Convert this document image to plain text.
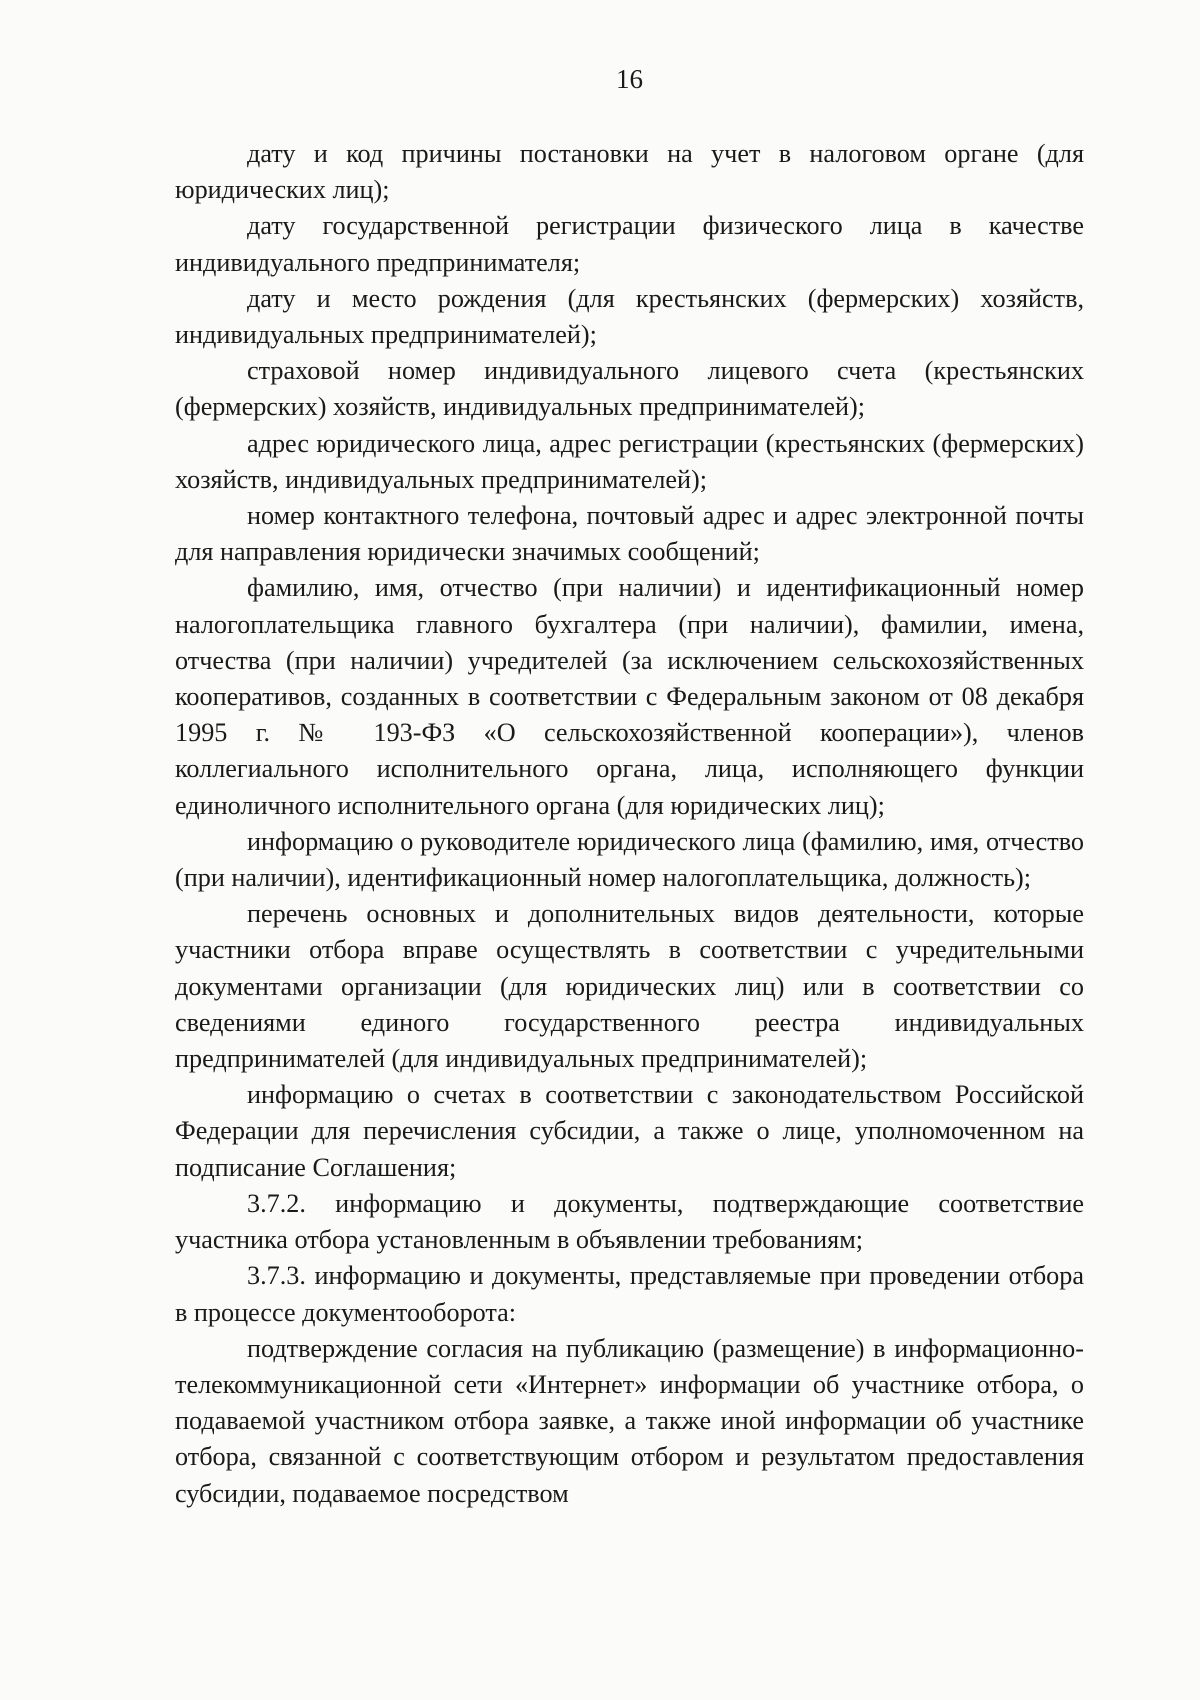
16

дату и код причины постановки на учет в налоговом органе (для юридических лиц);

дату государственной регистрации физического лица в качестве индивидуального предпринимателя;

дату и место рождения (для крестьянских (фермерских) хозяйств, индивидуальных предпринимателей);

страховой номер индивидуального лицевого счета (крестьянских (фермерских) хозяйств, индивидуальных предпринимателей);

адрес юридического лица, адрес регистрации (крестьянских (фермерских) хозяйств, индивидуальных предпринимателей);

номер контактного телефона, почтовый адрес и адрес электронной почты для направления юридически значимых сообщений;

фамилию, имя, отчество (при наличии) и идентификационный номер налогоплательщика главного бухгалтера (при наличии), фамилии, имена, отчества (при наличии) учредителей (за исключением сельскохозяйственных кооперативов, созданных в соответствии с Федеральным законом от 08 декабря 1995 г. № 193-ФЗ «О сельскохозяйственной кооперации»), членов коллегиального исполнительного органа, лица, исполняющего функции единоличного исполнительного органа (для юридических лиц);

информацию о руководителе юридического лица (фамилию, имя, отчество (при наличии), идентификационный номер налогоплательщика, должность);

перечень основных и дополнительных видов деятельности, которые участники отбора вправе осуществлять в соответствии с учредительными документами организации (для юридических лиц) или в соответствии со сведениями единого государственного реестра индивидуальных предпринимателей (для индивидуальных предпринимателей);

информацию о счетах в соответствии с законодательством Российской Федерации для перечисления субсидии, а также о лице, уполномоченном на подписание Соглашения;

3.7.2. информацию и документы, подтверждающие соответствие участника отбора установленным в объявлении требованиям;

3.7.3. информацию и документы, представляемые при проведении отбора в процессе документооборота:

подтверждение согласия на публикацию (размещение) в информационно-телекоммуникационной сети «Интернет» информации об участнике отбора, о подаваемой участником отбора заявке, а также иной информации об участнике отбора, связанной с соответствующим отбором и результатом предоставления субсидии, подаваемое посредством
